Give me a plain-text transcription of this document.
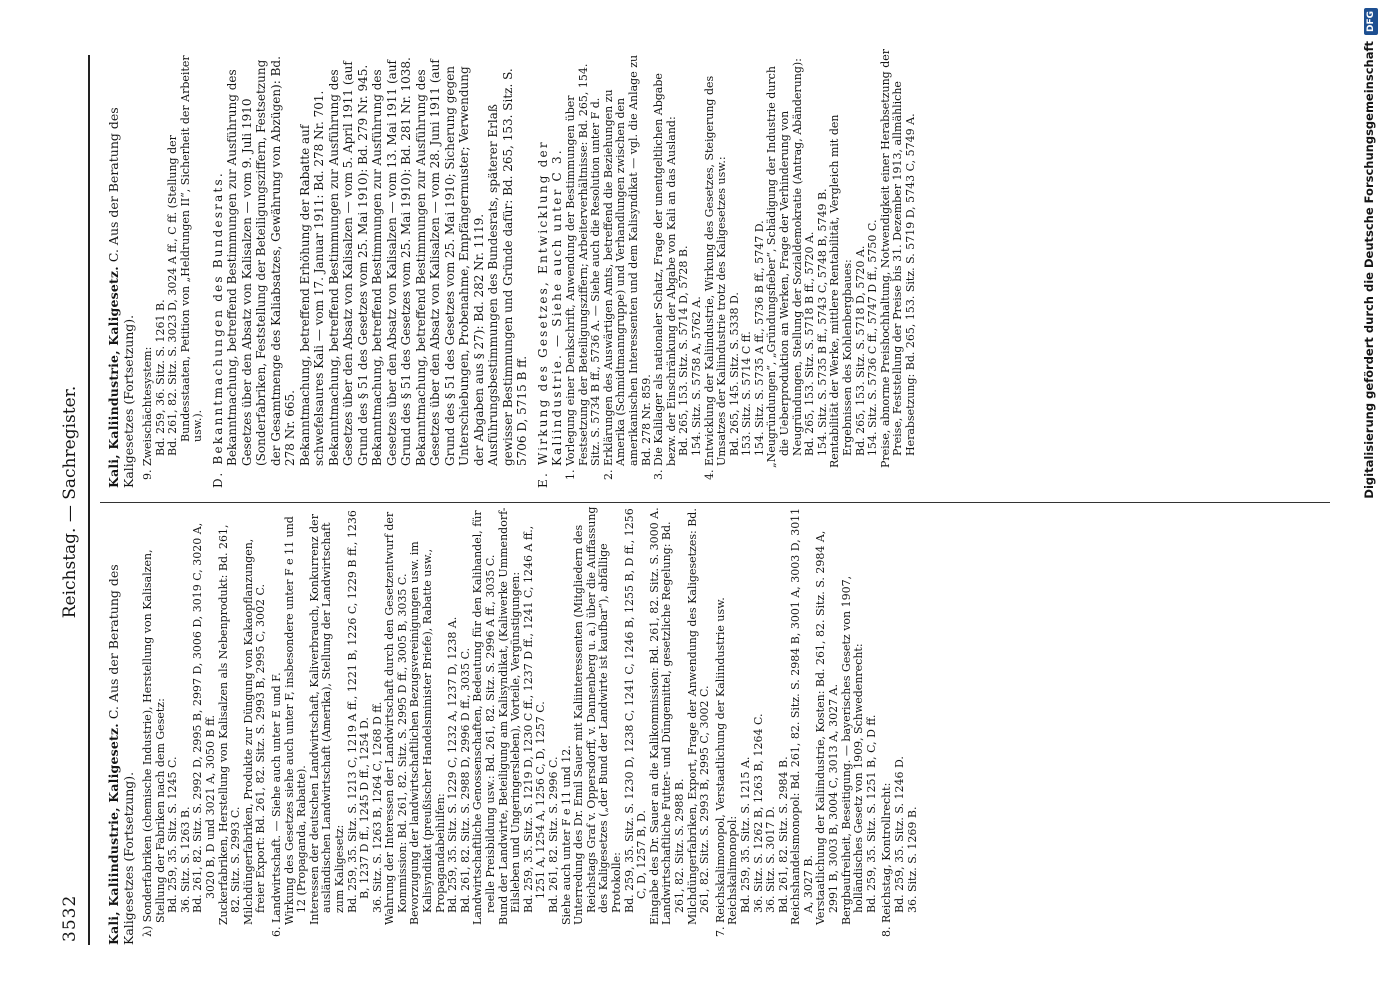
3532
Reichstag. — Sachregister.
Kali, Kaliindustrie, Kaligesetz. C. Aus der Beratung des Kaligesetzes (Fortsetzung). λ) Sonderfabriken (chemische Industrie), Herstellung von Kalisalzen, Stellung der Fabriken nach dem Gesetz: Bd. 259, 35. Sitz. S. 1245 C. 36. Sitz. S. 1263 B. Bd. 261, 82. Sitz. S. 2992 D, 2995 B, 2997 D, 3006 D, 3019 C, 3020 A, 3020 B, D und 3021 A, 3050 B ff. Zuckerfabriken, Herstellung von Kalisalzen als Nebenprodukt: Bd. 261, 82. Sitz. S. 2993 C. Milchdüngerfabriken, Produkte zur Düngung von Kakaopflanzungen, freier Export: Bd. 261, 82. Sitz. S. 2993 B, 2995 C, 3002 C. 6. Landwirtschaft. — Siehe auch unter E und F. Wirkung des Gesetzes siehe auch unter F, insbesondere unter F e 11 und 12 (Propaganda, Rabatte). Interessen der deutschen Landwirtschaft, Kaliverbrauch, Konkurrenz der ausländischen Landwirtschaft (Amerika), Stellung der Landwirtschaft zum Kaligesetz: Bd. 259, 35. Sitz. S. 1213 C, 1219 A ff., 1221 B, 1226 C, 1229 B ff., 1236 B, 1237 D ff., 1245 D ff., 1254 D. 36. Sitz. S. 1263 B, 1264 C, 1268 D ff. Wahrung der Interessen der Landwirtschaft durch den Gesetzentwurf der Kommission: Bd. 261, 82. Sitz. S. 2995 D ff., 3005 B, 3035 C. Bevorzugung der landwirtschaftlichen Bezugsvereinigungen usw. im Kalisyndikat (preußischer Handelsminister Briefe), Rabatte usw., Propagandabeihilfen: Bd. 259, 35. Sitz. S. 1229 C, 1232 A, 1237 D, 1238 A. Bd. 261, 82. Sitz. S. 2988 D, 2996 D ff., 3035 C. Landwirtschaftliche Genossenschaften, Bedeutung für den Kalihandel, für reelle Preisbildung usw.: Bd. 261, 82. Sitz. S. 2996 A ff., 3035 C. Bund der Landwirte, Beteiligung am Kalisyndikat, (Kaliwerke Ummendorf-Eilsleben und Ungeringersleben), Vorteile, Vergünstigungen: Bd. 259, 35. Sitz. S. 1219 D, 1230 C ff., 1237 D ff., 1241 C, 1246 A ff., 1251 A, 1254 A, 1256 C, D, 1257 C. Bd. 261, 82. Sitz. S. 2996 C. Siehe auch unter F e 11 und 12. Unterredung des Dr. Emil Sauer mit Kaliinteressenten (Mitgliedern des Reichstags Graf v. Oppersdorff, v. Dannenberg u. a.) über die Auffassung des Kaligesetzes („der Bund der Landwirte ist kaufbar“), abfällige Protokolle: Bd. 259, 35. Sitz. S. 1230 D, 1238 C, 1241 C, 1246 B, 1255 B, D ff., 1256 C, D, 1257 B, D. Eingabe des Dr. Sauer an die Kalikommission: Bd. 261, 82. Sitz. S. 3000 A. Landwirtschaftliche Futter- und Düngemittel, gesetzliche Regelung: Bd. 261, 82. Sitz. S. 2988 B. Milchdüngerfabriken, Export, Frage der Anwendung des Kaligesetzes: Bd. 261, 82. Sitz. S. 2993 B, 2995 C, 3002 C. 7. Reichskalimonopol, Verstaatlichung der Kaliindustrie usw. Reichskalimonopol: Bd. 259, 35. Sitz. S. 1215 A. 36. Sitz. S. 1262 B, 1263 B, 1264 C. 36. Sitz. S. 3017 D. Bd. 261, 82. Sitz. S. 2984 B. Reichshandelsmonopol: Bd. 261, 82. Sitz. S. 2984 B, 3001 A, 3003 D, 3011 A, 3027 B. Verstaatlichung der Kaliindustrie, Kosten: Bd. 261, 82. Sitz. S. 2984 A, 2991 B, 3003 B, 3004 C, 3013 A, 3027 A. Bergbaufreiheit, Beseitigung. — bayerisches Gesetz von 1907, holländisches Gesetz von 1909, Schwedenrecht: Bd. 259, 35. Sitz. S. 1251 B, C, D ff. 8. Reichstag, Kontrollrecht: Bd. 259, 35. Sitz. S. 1246 D. 36. Sitz. S. 1269 B.

Kali, Kaliindustrie, Kaligesetz. C. Aus der Beratung des Kaligesetzes (Fortsetzung). 9. Zweischächtesystem: Bd. 259, 36. Sitz. S. 1261 B. Bd. 261, 82. Sitz. S. 3023 D, 3024 A ff., C ff. (Stellung der Bundesstaaten, Petition von „Heldrungen II“, Sicherheit der Arbeiter usw.). D. Bekanntmachungen des Bundesrats. Bekanntmachung, betreffend Bestimmungen zur Ausführung des Gesetzes über den Absatz von Kalisalzen — vom 9. Juli 1910 (Sonderfabriken, Feststellung der Beteiligungsziffern, Festsetzung der Gesamtmenge des Kaliabsatzes, Gewährung von Abzügen): Bd. 278 Nr. 665. Bekanntmachung, betreffend Erhöhung der Rabatte auf schwefelsaures Kali — vom 17. Januar 1911: Bd. 278 Nr. 701. Bekanntmachung, betreffend Bestimmungen zur Ausführung des Gesetzes über den Absatz von Kalisalzen — vom 5. April 1911 (auf Grund des § 51 des Gesetzes vom 25. Mai 1910): Bd. 279 Nr. 945. Bekanntmachung, betreffend Bestimmungen zur Ausführung des Gesetzes über den Absatz von Kalisalzen — vom 13. Mai 1911 (auf Grund des § 51 des Gesetzes vom 25. Mai 1910): Bd. 281 Nr. 1038. Bekanntmachung, betreffend Bestimmungen zur Ausführung des Gesetzes über den Absatz von Kalisalzen — vom 28. Juni 1911 (auf Grund des § 51 des Gesetzes vom 25. Mai 1910; Sicherung gegen Unterschiebungen, Probenahme, Empfängermuster; Verwendung der Abgaben aus § 27): Bd. 282 Nr. 1119. Ausführungsbestimmungen des Bundesrats, späterer Erlaß gewisser Bestimmungen und Gründe dafür: Bd. 265, 153. Sitz. S. 5706 D, 5715 B ff. E. Wirkung des Gesetzes, Entwicklung der Kaliindustrie. — Siehe auch unter C 3. 1. Vorlegung einer Denkschrift, Anwendung der Bestimmungen über Festsetzung der Beteiligungsziffern; Arbeiterverhältnisse: Bd. 265, 154. Sitz. S. 5734 B ff., 5736 A. — Siehe auch die Resolution unter F d. 2. Erklärungen des Auswärtigen Amts, betreffend die Beziehungen zu Amerika (Schmidtmanngruppe) und Verhandlungen zwischen den amerikanischen Interessenten und dem Kalisyndikat — vgl. die Anlage zu Bd. 278 Nr. 859. 3. Die Kalilager als nationaler Schatz, Frage der unentgeltlichen Abgabe bezw. der Einschränkung der Abgabe von Kali an das Ausland: Bd. 265, 153. Sitz. S. 5714 D, 5728 B. 154. Sitz. S. 5758 A, 5762 A. 4. Entwicklung der Kaliindustrie, Wirkung des Gesetzes, Steigerung des Umsatzes der Kaliindustrie trotz des Kaligesetzes usw.: Bd. 265, 145. Sitz. S. 5338 D. 153. Sitz. S. 5714 C ff. 154. Sitz. S. 5735 A ff., 5736 B ff., 5747 D. „Neugründungen“, „Gründungsfieber“, Schädigung der Industrie durch die Ueberproduktion an Werken, Frage der Verhinderung von Neugründungen, Stellung der Sozialdemokratie (Antrag, Abänderung): Bd. 265, 153. Sitz. S. 5718 B ff., 5720 A. 154. Sitz. S. 5735 B ff., 5743 C, 5748 B, 5749 B. Rentabilität der Werke, mittlere Rentabilität, Vergleich mit den Ergebnissen des Kohlenbergbaues: Bd. 265, 153. Sitz. S. 5718 D, 5720 A. 154. Sitz. S. 5736 C ff., 5747 D ff., 5750 C. Preise, abnorme Preishochhaltung, Notwendigkeit einer Herabsetzung der Preise, Feststellung der Preise bis 31. Dezember 1913, allmähliche Herabsetzung: Bd. 265, 153. Sitz. S. 5719 D, 5743 C, 5749 A.	Digitalisierung gefördert durch die Deutsche ForschungsgemeinschaftDFG
